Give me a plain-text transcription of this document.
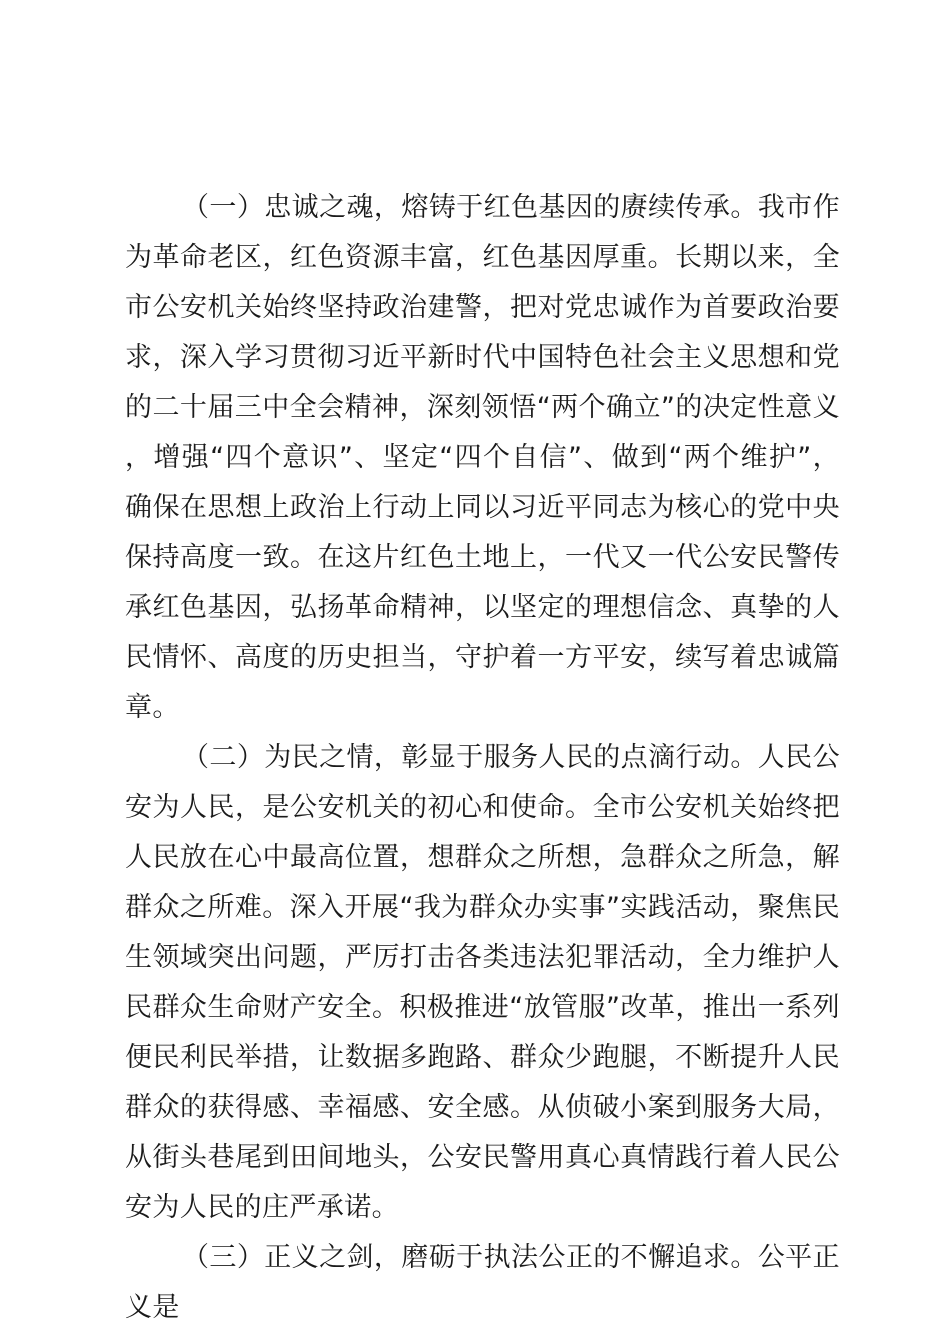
（一）忠诚之魂，熔铸于红色基因的赓续传承。我市作为革命老区，红色资源丰富，红色基因厚重。长期以来，全市公安机关始终坚持政治建警，把对党忠诚作为首要政治要求，深入学习贯彻习近平新时代中国特色社会主义思想和党的二十届三中全会精神，深刻领悟“两个确立”的决定性意义，增强“四个意识”、坚定“四个自信”、做到“两个维护”，确保在思想上政治上行动上同以习近平同志为核心的党中央保持高度一致。在这片红色土地上，一代又一代公安民警传承红色基因，弘扬革命精神，以坚定的理想信念、真挚的人民情怀、高度的历史担当，守护着一方平安，续写着忠诚篇章。

（二）为民之情，彰显于服务人民的点滴行动。人民公安为人民，是公安机关的初心和使命。全市公安机关始终把人民放在心中最高位置，想群众之所想，急群众之所急，解群众之所难。深入开展“我为群众办实事”实践活动，聚焦民生领域突出问题，严厉打击各类违法犯罪活动，全力维护人民群众生命财产安全。积极推进“放管服”改革，推出一系列便民利民举措，让数据多跑路、群众少跑腿，不断提升人民群众的获得感、幸福感、安全感。从侦破小案到服务大局，从街头巷尾到田间地头，公安民警用真心真情践行着人民公安为人民的庄严承诺。

（三）正义之剑，磨砺于执法公正的不懈追求。公平正义是
